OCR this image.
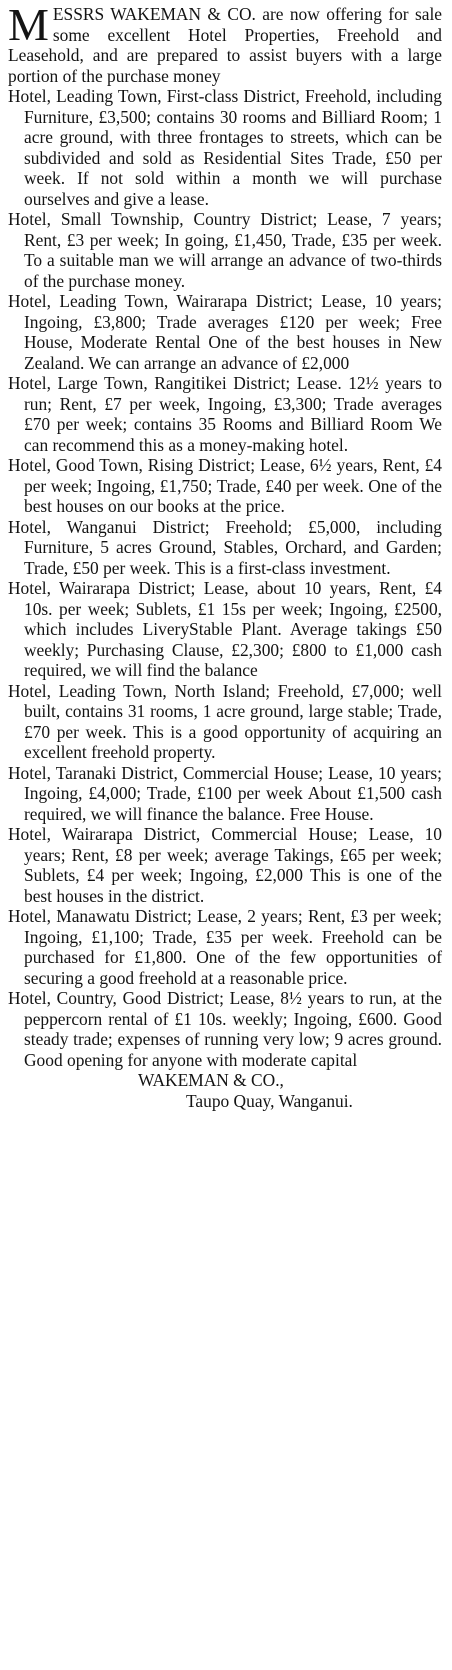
MESSRS WAKEMAN & CO. are now offering for sale some excellent Hotel Properties, Freehold and Leasehold, and are prepared to assist buyers with a large portion of the purchase money

Hotel, Leading Town, First-class District, Freehold, including Furniture, £3,500; contains 30 rooms and Billiard Room; 1 acre ground, with three frontages to streets, which can be subdivided and sold as Residential Sites Trade, £50 per week. If not sold within a month we will purchase ourselves and give a lease.

Hotel, Small Township, Country District; Lease, 7 years; Rent, £3 per week; In going, £1,450, Trade, £35 per week. To a suitable man we will arrange an advance of two-thirds of the purchase money.

Hotel, Leading Town, Wairarapa District; Lease, 10 years; Ingoing, £3,800; Trade averages £120 per week; Free House, Moderate Rental One of the best houses in New Zealand. We can arrange an advance of £2,000

Hotel, Large Town, Rangitikei District; Lease. 12½ years to run; Rent, £7 per week, Ingoing, £3,300; Trade averages £70 per week; contains 35 Rooms and Billiard Room We can recommend this as a money-making hotel.

Hotel, Good Town, Rising District; Lease, 6½ years, Rent, £4 per week; Ingoing, £1,750; Trade, £40 per week. One of the best houses on our books at the price.

Hotel, Wanganui District; Freehold; £5,000, including Furniture, 5 acres Ground, Stables, Orchard, and Garden; Trade, £50 per week. This is a first-class investment.

Hotel, Wairarapa District; Lease, about 10 years, Rent, £4 10s. per week; Sublets, £1 15s per week; Ingoing, £2500, which includes LiveryStable Plant. Average takings £50 weekly; Purchasing Clause, £2,300; £800 to £1,000 cash required, we will find the balance

Hotel, Leading Town, North Island; Freehold, £7,000; well built, contains 31 rooms, 1 acre ground, large stable; Trade, £70 per week. This is a good opportunity of acquiring an excellent freehold property.

Hotel, Taranaki District, Commercial House; Lease, 10 years; Ingoing, £4,000; Trade, £100 per week About £1,500 cash required, we will finance the balance. Free House.

Hotel, Wairarapa District, Commercial House; Lease, 10 years; Rent, £8 per week; average Takings, £65 per week; Sublets, £4 per week; Ingoing, £2,000 This is one of the best houses in the district.

Hotel, Manawatu District; Lease, 2 years; Rent, £3 per week; Ingoing, £1,100; Trade, £35 per week. Freehold can be purchased for £1,800. One of the few opportunities of securing a good freehold at a reasonable price.

Hotel, Country, Good District; Lease, 8½ years to run, at the peppercorn rental of £1 10s. weekly; Ingoing, £600. Good steady trade; expenses of running very low; 9 acres ground. Good opening for anyone with moderate capital

WAKEMAN & CO.,
Taupo Quay, Wanganui.
